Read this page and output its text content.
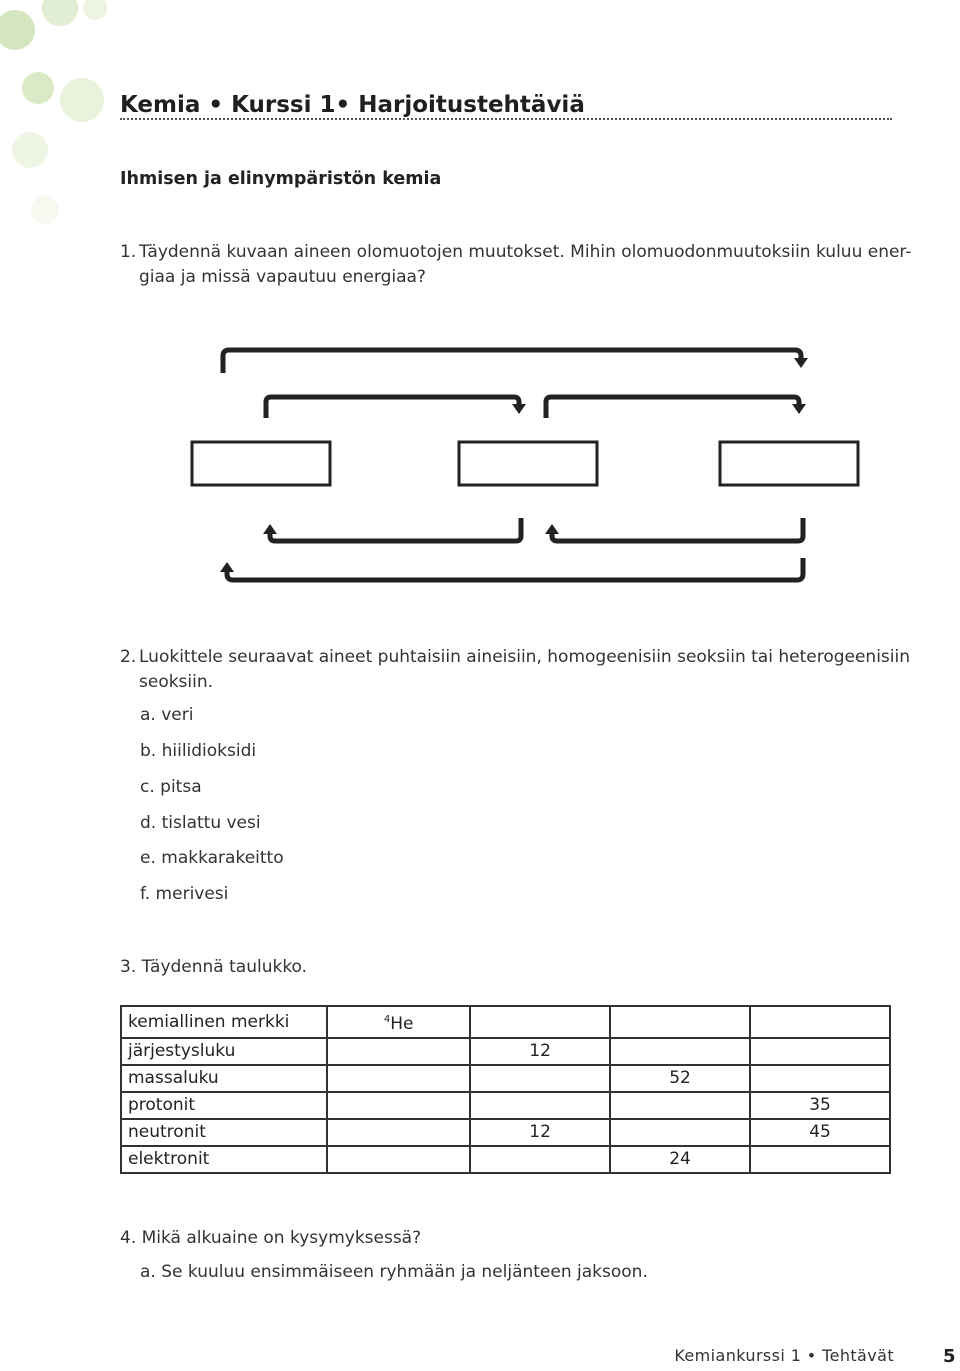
Kemia • Kurssi 1• Harjoitustehtäviä
Ihmisen ja elinympäristön kemia

1. Täydennä kuvaan aineen olomuotojen muutokset. Mihin olomuodonmuutoksiin kuluu ener-
giaa ja missä vapautuu energiaa?

2. Luokittele seuraavat aineet puhtaisiin aineisiin, homogeenisiin seoksiin tai heterogeenisiin
seoksiin.

a. veri

b. hiilidioksidi

c. pitsa

d. tislattu vesi

e. makkarakeitto

f. merivesi

3. Täydennä taulukko.

kemiallinen merkki	$^4$He			
järjestysluku		12		
massaluku			52	
protonit				35
neutronit		12		45
elektronit			24	

4. Mikä alkuaine on kysymyksessä?

a. Se kuuluu ensimmäiseen ryhmään ja neljänteen jaksoon.

Kemiankurssi 1 • Tehtävät	5
